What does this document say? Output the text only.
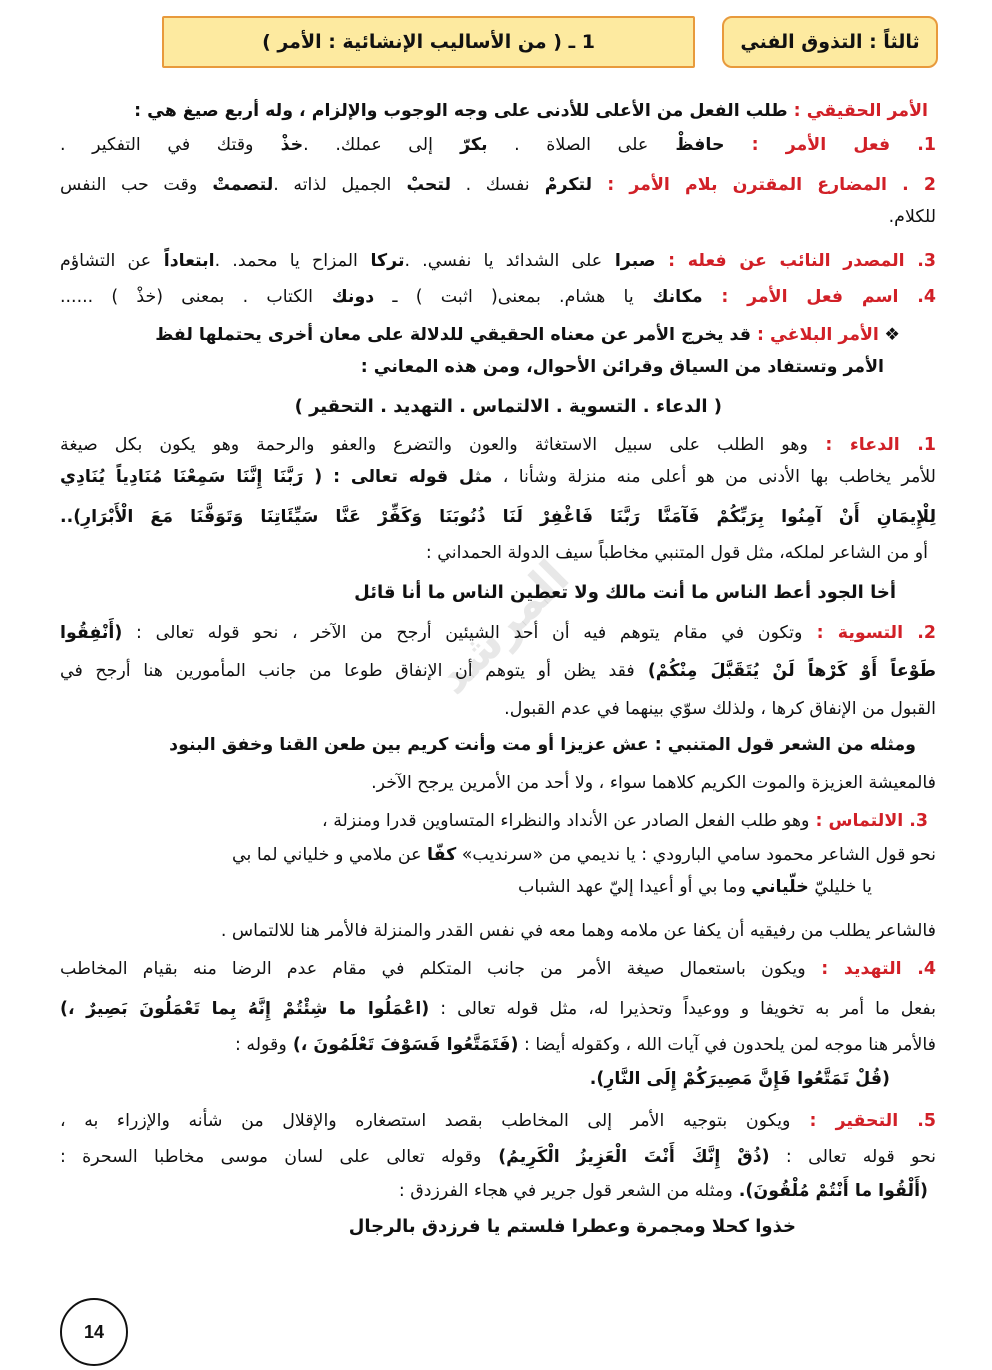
ثالثاً : التذوق الفني
1 ـ ( من الأساليب الإنشائية : الأمر )
المرشد
الأمر الحقيقي : طلب الفعل من الأعلى للأدنى على وجه الوجوب والإلزام ، وله أربع صيغ هي :
1. فعل الأمر : حافظْ على الصلاة . بكرّ إلى عملك. .خذْ وقتك في التفكير .
2 . المضارع المقترن بلام الأمر : لتكرمْ نفسك . لتحبْ الجميل لذاته .لتصمتْ وقت حب النفس
للكلام.
3. المصدر النائب عن فعله : صبرا على الشدائد يا نفسي. .تركا المزاح يا محمد. .ابتعاداً عن التشاؤم
4. اسم فعل الأمر : مكانك يا هشام. بمعنى( اثبت ) ـ دونك الكتاب . بمعنى (خذْ ) ......
❖ الأمر البلاغي : قد يخرج الأمر عن معناه الحقيقي للدلالة على معان أخرى يحتملها لفظ
الأمر وتستفاد من السياق وقرائن الأحوال، ومن هذه المعاني :
( الدعاء . التسوية . الالتماس . التهديد . التحقير )
1. الدعاء : وهو الطلب على سبيل الاستغاثة والعون والتضرع والعفو والرحمة وهو يكون بكل صيغة
للأمر يخاطب بها الأدنى من هو أعلى منه منزلة وشأنا ، مثل قوله تعالى : ( رَبَّنَا إِنَّنَا سَمِعْنَا مُنَادِياً يُنَادِي
لِلْإِيمَانِ أَنْ آمِنُوا بِرَبِّكُمْ فَآمَنَّا رَبَّنَا فَاغْفِرْ لَنَا ذُنُوبَنَا وَكَفِّرْ عَنَّا سَيِّئَاتِنَا وَتَوَفَّنَا مَعَ الْأَبْرَارِ)..
أو من الشاعر لملكه، مثل قول المتنبي مخاطباً سيف الدولة الحمداني :
أخا الجود أعط الناس ما أنت مالك ولا تعطين الناس ما أنا قائل
2. التسوية : وتكون في مقام يتوهم فيه أن أحد الشيئين أرجح من الآخر ، نحو قوله تعالى : (أَنْفِقُوا
طَوْعاً أَوْ كَرْهاً لَنْ يُتَقَبَّلَ مِنْكُمْ) فقد يظن أو يتوهم أن الإنفاق طوعا من جانب المأمورين هنا أرجح في
القبول من الإنفاق كرها ، ولذلك سوّي بينهما في عدم القبول.
ومثله من الشعر قول المتنبي : عش عزيزا أو مت وأنت كريم بين طعن القنا وخفق البنود
فالمعيشة العزيزة والموت الكريم كلاهما سواء ، ولا أحد من الأمرين يرجح الآخر.
3. الالتماس : وهو طلب الفعل الصادر عن الأنداد والنظراء المتساوين قدرا ومنزلة ،
نحو قول الشاعر محمود سامي البارودي : يا نديمي من «سرنديب» كفّا عن ملامي و خلياني لما بي
يا خليليّ خلّياني وما بي أو أعيدا إليّ عهد الشباب
فالشاعر يطلب من رفيقيه أن يكفا عن ملامه وهما معه في نفس القدر والمنزلة فالأمر هنا للالتماس .
4. التهديد : ويكون باستعمال صيغة الأمر من جانب المتكلم في مقام عدم الرضا منه بقيام المخاطب
بفعل ما أمر به تخويفا و ووعيداً وتحذيرا له، مثل قوله تعالى : (اعْمَلُوا ما شِئْتُمْ إِنَّهُ بِما تَعْمَلُونَ بَصِيرٌ ،)
فالأمر هنا موجه لمن يلحدون في آيات الله ، وكقوله أيضا : (فَتَمَتَّعُوا فَسَوْفَ تَعْلَمُونَ ،) وقوله :
(قُلْ تَمَتَّعُوا فَإِنَّ مَصِيرَكُمْ إِلَى النَّارِ).
5. التحقير : ويكون بتوجيه الأمر إلى المخاطب بقصد استصغاره والإقلال من شأنه والإزراء به ،
نحو قوله تعالى : (ذُقْ إِنَّكَ أَنْتَ الْعَزِيزُ الْكَرِيمُ) وقوله تعالى على لسان موسى مخاطبا السحرة :
(أَلْقُوا ما أَنْتُمْ مُلْقُونَ). ومثله من الشعر قول جرير في هجاء الفرزدق :
خذوا كحلا ومجمرة وعطرا فلستم يا فرزدق بالرجال
14
